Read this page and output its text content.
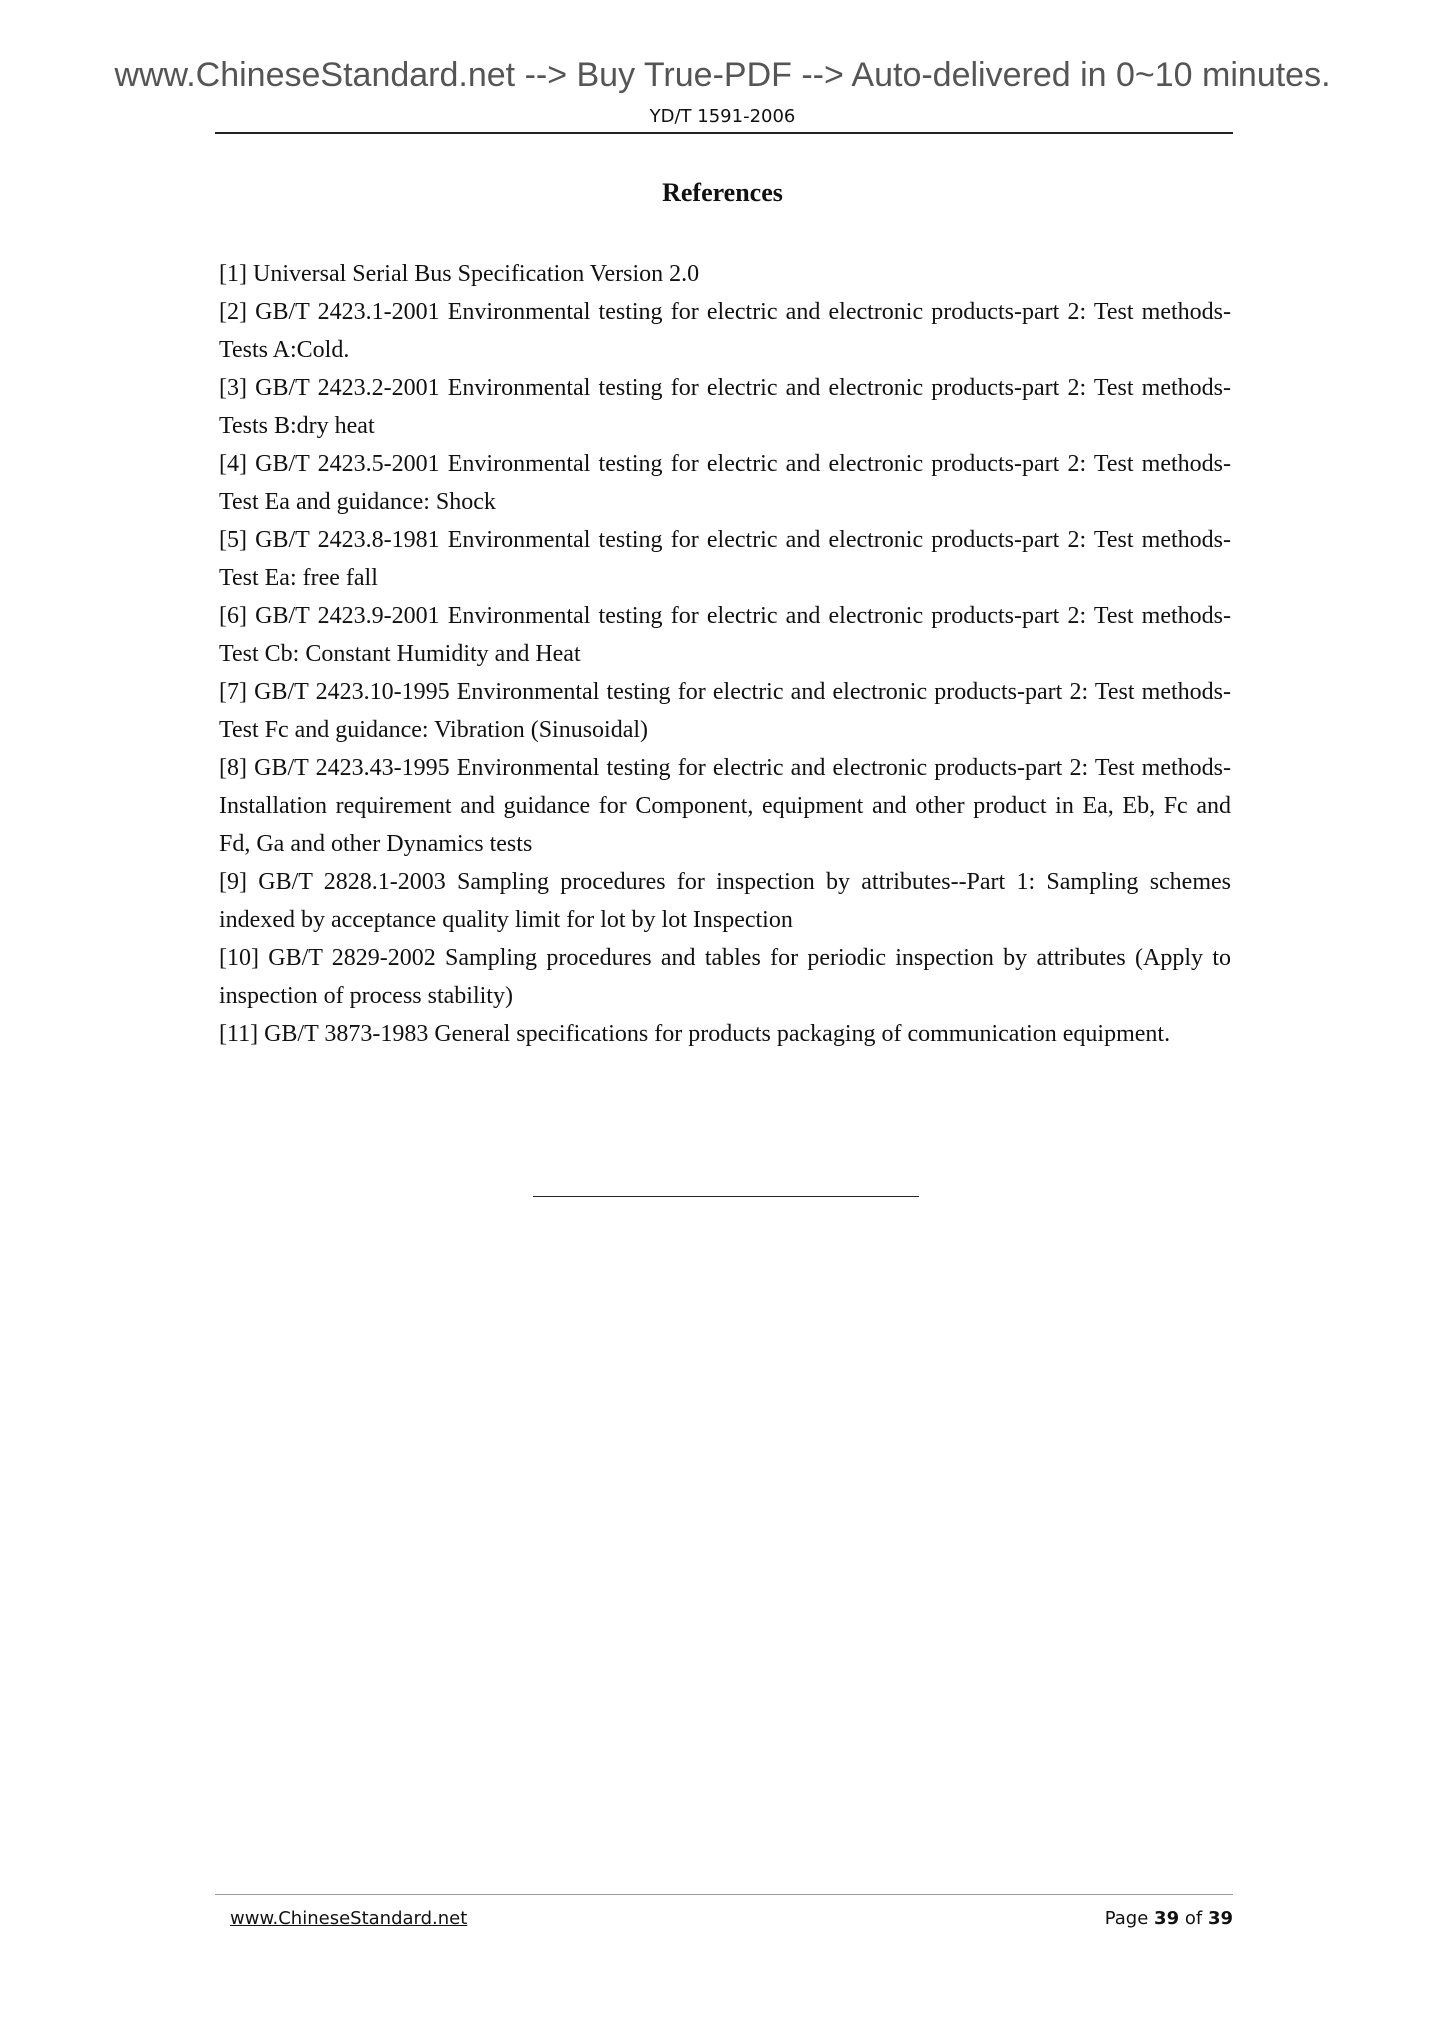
www.ChineseStandard.net --> Buy True-PDF --> Auto-delivered in 0~10 minutes.
YD/T 1591-2006
References

[1] Universal Serial Bus Specification Version 2.0

[2] GB/T 2423.1-2001 Environmental testing for electric and electronic products-part 2: Test methods-Tests A:Cold.

[3] GB/T 2423.2-2001 Environmental testing for electric and electronic products-part 2: Test methods-Tests B:dry heat

[4] GB/T 2423.5-2001 Environmental testing for electric and electronic products-part 2: Test methods-Test Ea and guidance: Shock

[5] GB/T 2423.8-1981 Environmental testing for electric and electronic products-part 2: Test methods-Test Ea: free fall

[6] GB/T 2423.9-2001 Environmental testing for electric and electronic products-part 2: Test methods-Test Cb: Constant Humidity and Heat

[7] GB/T 2423.10-1995 Environmental testing for electric and electronic products-part 2: Test methods-Test Fc and guidance: Vibration (Sinusoidal)

[8] GB/T 2423.43-1995 Environmental testing for electric and electronic products-part 2: Test methods-Installation requirement and guidance for Component, equipment and other product in Ea, Eb, Fc and Fd, Ga and other Dynamics tests

[9] GB/T 2828.1-2003 Sampling procedures for inspection by attributes--Part 1: Sampling schemes indexed by acceptance quality limit for lot by lot Inspection

[10] GB/T 2829-2002 Sampling procedures and tables for periodic inspection by attributes (Apply to inspection of process stability)

[11] GB/T 3873-1983 General specifications for products packaging of communication equipment.

www.ChineseStandard.net	Page 39 of 39
